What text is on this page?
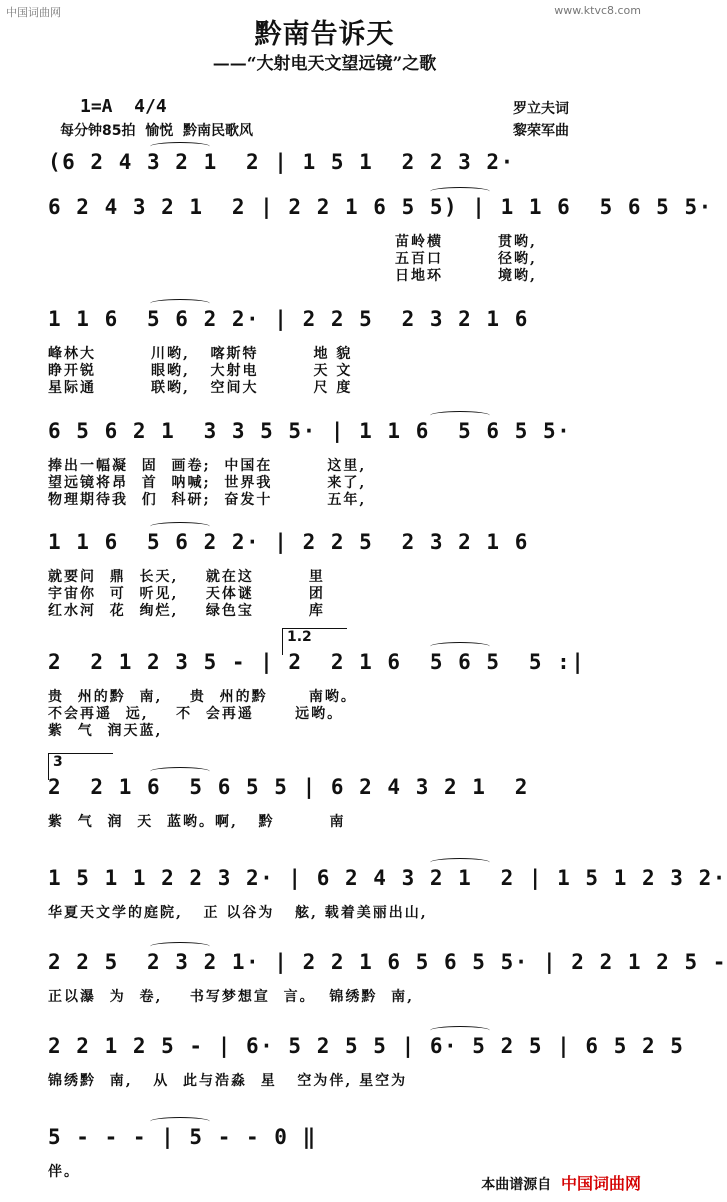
中国词曲网	www.ktvc8.com
黔南告诉天
——“大射电天文望远镜”之歌
1=A  4/4
每分钟85拍  愉悦  黔南民歌风
罗立夫词
黎荣军曲
(6 2 4 3 2 1  2 | 1 5 1  2 2 3 2·
6 2 4 3 2 1  2 | 2 2 1 6 5 5) | 1 1 6  5 6 5 5·
苗岭横        贯哟,
五百口        径哟,
日地环        境哟,
1 1 6  5 6 2 2· | 2 2 5  2 3 2 1 6
峰林大        川哟,   喀斯特        地 貌
睁开锐        眼哟,   大射电        天 文
星际通        联哟,   空间大        尺 度
6 5 6 2 1  3 3 5 5· | 1 1 6  5 6 5 5·
捧出一幅凝  固  画卷;  中国在        这里,
望远镜将昂  首  呐喊;  世界我        来了,
物理期待我  们  科研;  奋发十        五年,
1 1 6  5 6 2 2· | 2 2 5  2 3 2 1 6
就要问  鼎  长天,    就在这        里
宇宙你  可  听见,    天体谜        团
红水河  花  绚烂,    绿色宝        库
1.2
2  2 1 2 3 5 - | 2  2 1 6  5 6 5  5 :|
贵  州的黔  南,    贵  州的黔      南哟。
不会再遥  远,    不  会再遥      远哟。
紫  气  润天蓝,
3
2  2 1 6  5 6 5 5 | 6 2 4 3 2 1  2
紫  气  润  天  蓝哟。啊,   黔        南
1 5 1 1 2 2 3 2· | 6 2 4 3 2 1  2 | 1 5 1 2 3 2·
华夏天文学的庭院,   正 以谷为   舷, 载着美丽出山,
2 2 5  2 3 2 1· | 2 2 1 6 5 6 5 5· | 2 2 1 2 5 -
正以瀑  为  卷,    书写梦想宣  言。  锦绣黔  南,
2 2 1 2 5 - | 6· 5 2 5 5 | 6· 5 2 5 | 6 5 2 5
锦绣黔  南,   从  此与浩淼  星   空为伴, 星空为
5 - - - | 5 - - 0 ‖
伴。
本曲谱源自 中国词曲网
